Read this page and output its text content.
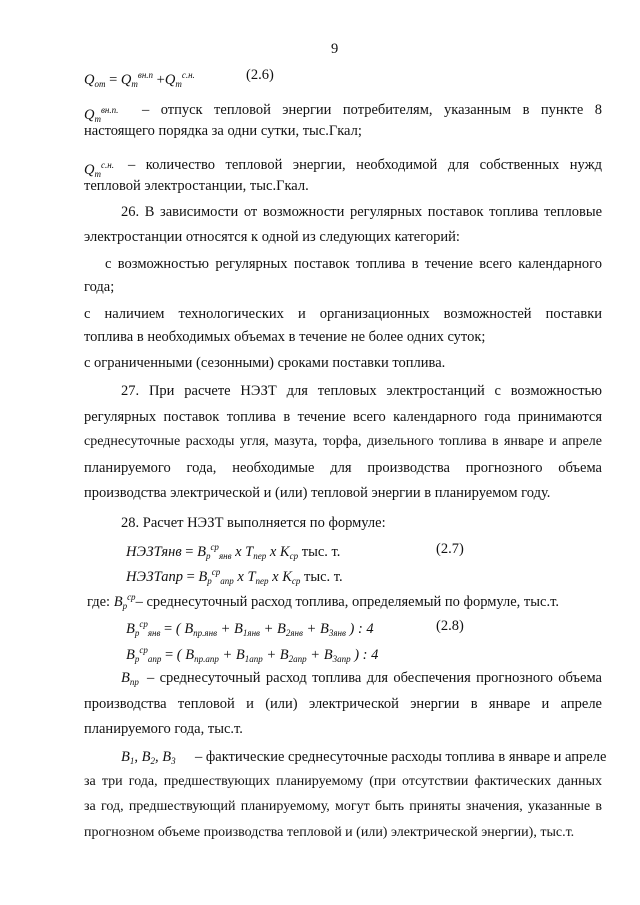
9
$Q_{от} = Q_т^{вн.п} +Q_т^{с.н.}$	(2.6)
$Q_т^{вн.п.}$ – отпуск тепловой энергии потребителям, указанным в пункте 8
настоящего порядка за одни сутки, тыс.Гкал;
$Q_т^{с.н.}$ – количество тепловой энергии, необходимой для собственных нужд
тепловой электростанции, тыс.Гкал.
26. В зависимости от возможности регулярных поставок топлива тепловые
электростанции относятся к одной из следующих категорий:
с возможностью регулярных поставок топлива в течение всего календарного
года;
с наличием технологических и организационных возможностей поставки
топлива в необходимых объемах в течение не более одних суток;
с ограниченными (сезонными) сроками поставки топлива.
27. При расчете НЭЗТ для тепловых электростанций с возможностью
регулярных поставок топлива в течение всего календарного года принимаются
среднесуточные расходы угля, мазута, торфа, дизельного топлива в январе и апреле
планируемого года, необходимые для производства прогнозного объема
производства электрической и (или) тепловой энергии в планируемом году.
28. Расчет НЭЗТ выполняется по формуле:
НЭЗТянв = $В_р^{ср}_{янв}$ x $T_{пер}$ x $K_{ср}$ тыс. т.	(2.7)
НЭЗТапр = $В_р^{ср}_{апр}$ x $T_{пер}$ x $K_{ср}$ тыс. т.
где: $В_р^{ср}-$ среднесуточный расход топлива, определяемый по формуле, тыс.т.
$В_р^{ср}_{янв}$ = ( $В_{пр.янв} + В_{1янв} + В_{2янв} + В_{3янв}$ ) : 4	(2.8)
$В_р^{ср}_{апр}$ = ( $В_{пр.апр} + В_{1апр} + В_{2апр} + В_{3апр}$ ) : 4
$В_{пр}$ – среднесуточный расход топлива для обеспечения прогнозного объема
производства тепловой и (или) электрической энергии в январе и апреле
планируемого года, тыс.т.
$В_1$, $В_2$, $В_3$ – фактические среднесуточные расходы топлива в январе и апреле
за три года, предшествующих планируемому (при отсутствии фактических данных
за год, предшествующий планируемому, могут быть приняты значения, указанные в
прогнозном объеме производства тепловой и (или) электрической энергии), тыс.т.
